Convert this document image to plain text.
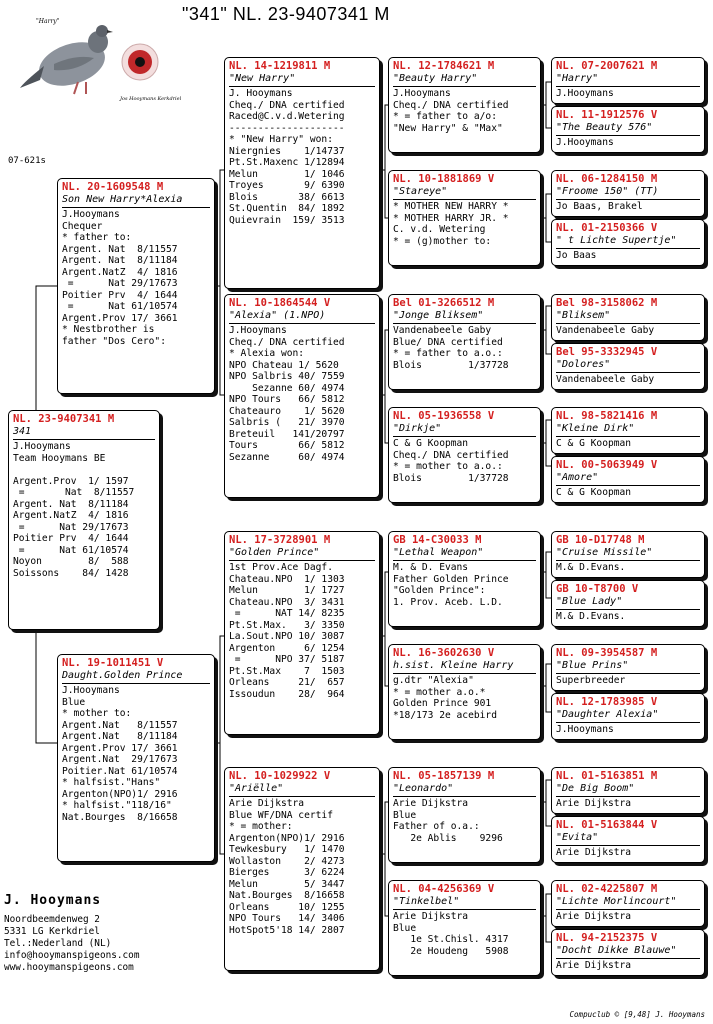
"341" NL. 23-9407341 M
07-621s
"Harry"
Jos Hooymans Kerkdriel
NL. 23-9407341 M
341
J.Hooymans
Team Hooymans BE

Argent.Prov  1/ 1597
=       Nat  8/11557
Argent. Nat  8/11184
Argent.NatZ  4/ 1816
=      Nat 29/17673
Poitier Prv  4/ 1644
=      Nat 61/10574
Noyon        8/  588
Soissons    84/ 1428
NL. 20-1609548 M
Son New Harry*Alexia
J.Hooymans
Chequer
* father to:
Argent. Nat  8/11557
Argent. Nat  8/11184
Argent.NatZ  4/ 1816
=      Nat 29/17673
Poitier Prv  4/ 1644
=      Nat 61/10574
Argent.Prov 17/ 3661
* Nestbrother is
father "Dos Cero":
NL. 19-1011451 V
Daught.Golden Prince
J.Hooymans
Blue
* mother to:
Argent.Nat   8/11557
Argent.Nat   8/11184
Argent.Prov 17/ 3661
Argent.Nat  29/17673
Poitier.Nat 61/10574
* halfsist."Hans"
Argenton(NPO)1/ 2916
* halfsist."118/16"
Nat.Bourges  8/16658
NL. 14-1219811 M
"New Harry"
J. Hooymans
Cheq./ DNA certified
Raced@C.v.d.Wetering
--------------------
* "New Harry" won:
Niergnies    1/14737
Pt.St.Maxenc 1/12894
Melun        1/ 1046
Troyes       9/ 6390
Blois       38/ 6613
St.Quentin  84/ 1892
Quievrain  159/ 3513
NL. 10-1864544 V
"Alexia" (1.NPO)
J.Hooymans
Cheq./ DNA certified
* Alexia won:
NPO Chateau 1/ 5620
NPO Salbris 40/ 7559
Sezanne 60/ 4974
NPO Tours   66/ 5812
Chateauro    1/ 5620
Salbris (   21/ 3970
Breteuil   141/20797
Tours       66/ 5812
Sezanne     60/ 4974
NL. 17-3728901 M
"Golden Prince"
1st Prov.Ace Dagf.
Chateau.NPO  1/ 1303
Melun        1/ 1727
Chateau.NPO  3/ 3431
=      NAT 14/ 8235
Pt.St.Max.   3/ 3350
La.Sout.NPO 10/ 3087
Argenton     6/ 1254
=      NPO 37/ 5187
Pt.St.Max    7  1503
Orleans     21/  657
Issoudun    28/  964
NL. 10-1029922 V
"Ariëlle"
Arie Dijkstra
Blue WF/DNA certif
* = mother:
Argenton(NPO)1/ 2916
Tewkesbury   1/ 1470
Wollaston    2/ 4273
Bierges      3/ 6224
Melun        5/ 3447
Nat.Bourges  8/16658
Orleans     10/ 1255
NPO Tours   14/ 3406
HotSpot5'18 14/ 2807
NL. 12-1784621 M
"Beauty Harry"
J.Hooymans
Cheq./ DNA certified
* = father to a/o:
"New Harry" & "Max"
NL. 10-1881869 V
"Stareye"
* MOTHER NEW HARRY *
* MOTHER HARRY JR. *
C. v.d. Wetering
* = (g)mother to:
Bel 01-3266512 M
"Jonge Bliksem"
Vandenabeele Gaby
Blue/ DNA certified
* = father to a.o.:
Blois        1/37728
NL. 05-1936558 V
"Dirkje"
C & G Koopman
Cheq./ DNA certified
* = mother to a.o.:
Blois        1/37728
GB 14-C30033 M
"Lethal Weapon"
M. & D. Evans
Father Golden Prince
"Golden Prince":
1. Prov. Aceb. L.D.
NL. 16-3602630 V
h.sist. Kleine Harry
g.dtr "Alexia"
* = mother a.o.*
Golden Prince 901
*18/173 2e acebird
NL. 05-1857139 M
"Leonardo"
Arie Dijkstra
Blue
Father of o.a.:
2e Ablis    9296
NL. 04-4256369 V
"Tinkelbel"
Arie Dijkstra
Blue
1e St.Chisl. 4317
2e Houdeng   5908
NL. 07-2007621 M
"Harry"
J.Hooymans
NL. 11-1912576 V
"The Beauty 576"
J.Hooymans
NL. 06-1284150 M
"Froome 150" (TT)
Jo Baas, Brakel
NL. 01-2150366 V
" t Lichte Supertje"
Jo Baas
Bel 98-3158062 M
"Bliksem"
Vandenabeele Gaby
Bel 95-3332945 V
"Dolores"
Vandenabeele Gaby
NL. 98-5821416 M
"Kleine Dirk"
C & G Koopman
NL. 00-5063949 V
"Amore"
C & G Koopman
GB 10-D17748 M
"Cruise Missile"
M.& D.Evans.
GB 10-T8700 V
"Blue Lady"
M.& D.Evans.
NL. 09-3954587 M
"Blue Prins"
Superbreeder
NL. 12-1783985 V
"Daughter Alexia"
J.Hooymans
NL. 01-5163851 M
"De Big Boom"
Arie Dijkstra
NL. 01-5163844 V
"Evita"
Arie Dijkstra
NL. 02-4225807 M
"Lichte Morlincourt"
Arie Dijkstra
NL. 94-2152375 V
"Docht Dikke Blauwe"
Arie Dijkstra
J. Hooymans
Noordbeemdenweg 2
5331 LG Kerkdriel
Tel.:Nederland (NL)
info@hooymanspigeons.com
www.hooymanspigeons.com
Compuclub © [9,48] J. Hooymans
